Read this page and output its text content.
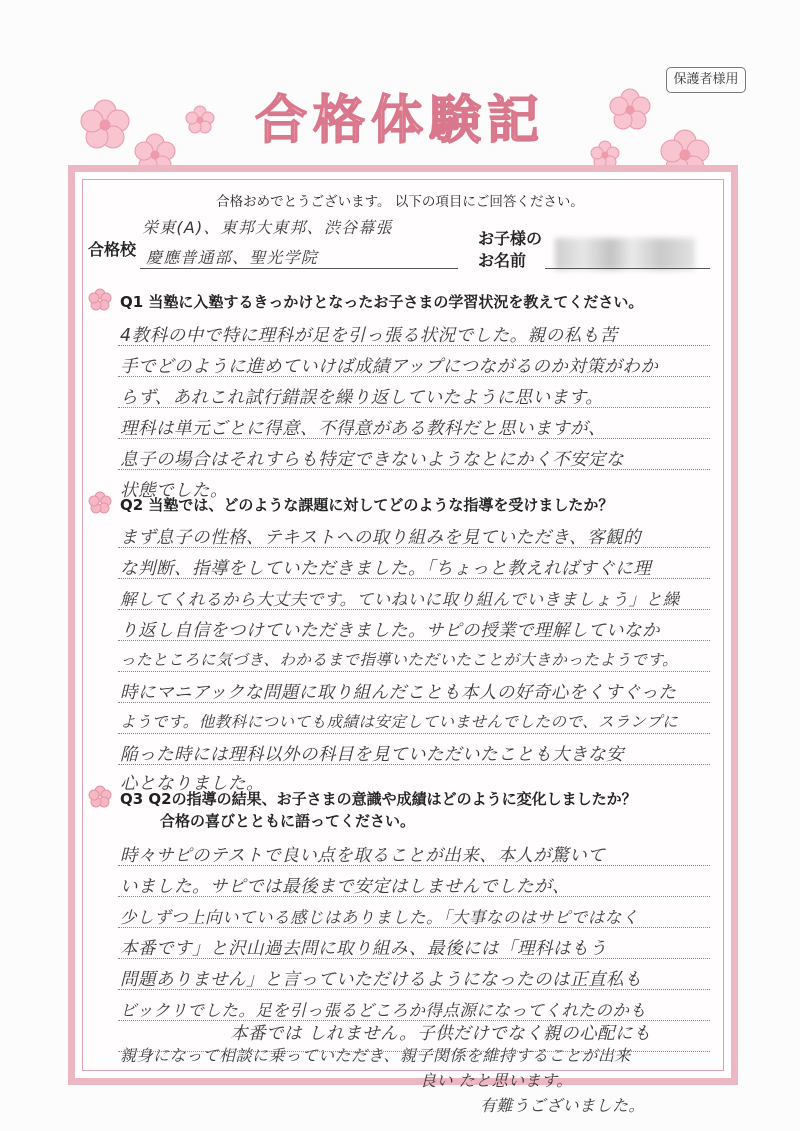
保護者様用
合格体験記
合格おめでとうございます。 以下の項目にご回答ください。
合格校
栄東(A)、東邦大東邦、渋谷幕張
慶應普通部、聖光学院
お子様の
お名前
Q1 当塾に入塾するきっかけとなったお子さまの学習状況を教えてください。
4教科の中で特に理科が足を引っ張る状況でした。親の私も苦
手でどのように進めていけば成績アップにつながるのか対策がわか
らず、あれこれ試行錯誤を繰り返していたように思います。
理科は単元ごとに得意、不得意がある教科だと思いますが、
息子の場合はそれすらも特定できないようなとにかく不安定な
状態でした。
Q2 当塾では、どのような課題に対してどのような指導を受けましたか？
まず息子の性格、テキストへの取り組みを見ていただき、客観的
な判断、指導をしていただきました。「ちょっと教えればすぐに理
解してくれるから大丈夫です。ていねいに取り組んでいきましょう」と繰
り返し自信をつけていただきました。サピの授業で理解していなか
ったところに気づき、わかるまで指導いただいたことが大きかったようです。
時にマニアックな問題に取り組んだことも本人の好奇心をくすぐった
ようです。他教科についても成績は安定していませんでしたので、スランプに
陥った時には理科以外の科目を見ていただいたことも大きな安
心となりました。
Q3 Q2の指導の結果、お子さまの意識や成績はどのように変化しましたか？
合格の喜びとともに語ってください。
時々サピのテストで良い点を取ることが出来、本人が驚いて
いました。サピでは最後まで安定はしませんでしたが、
少しずつ上向いている感じはありました。「大事なのはサピではなく
本番です」と沢山過去問に取り組み、最後には「理科はもう
問題ありません」と言っていただけるようになったのは正直私も
ビックリでした。足を引っ張るどころか得点源になってくれたのかも
本番では しれません。子供だけでなく親の心配にも
親身になって相談に乗っていただき、親子関係を維持することが出来
良い たと思います。
有難うございました。
